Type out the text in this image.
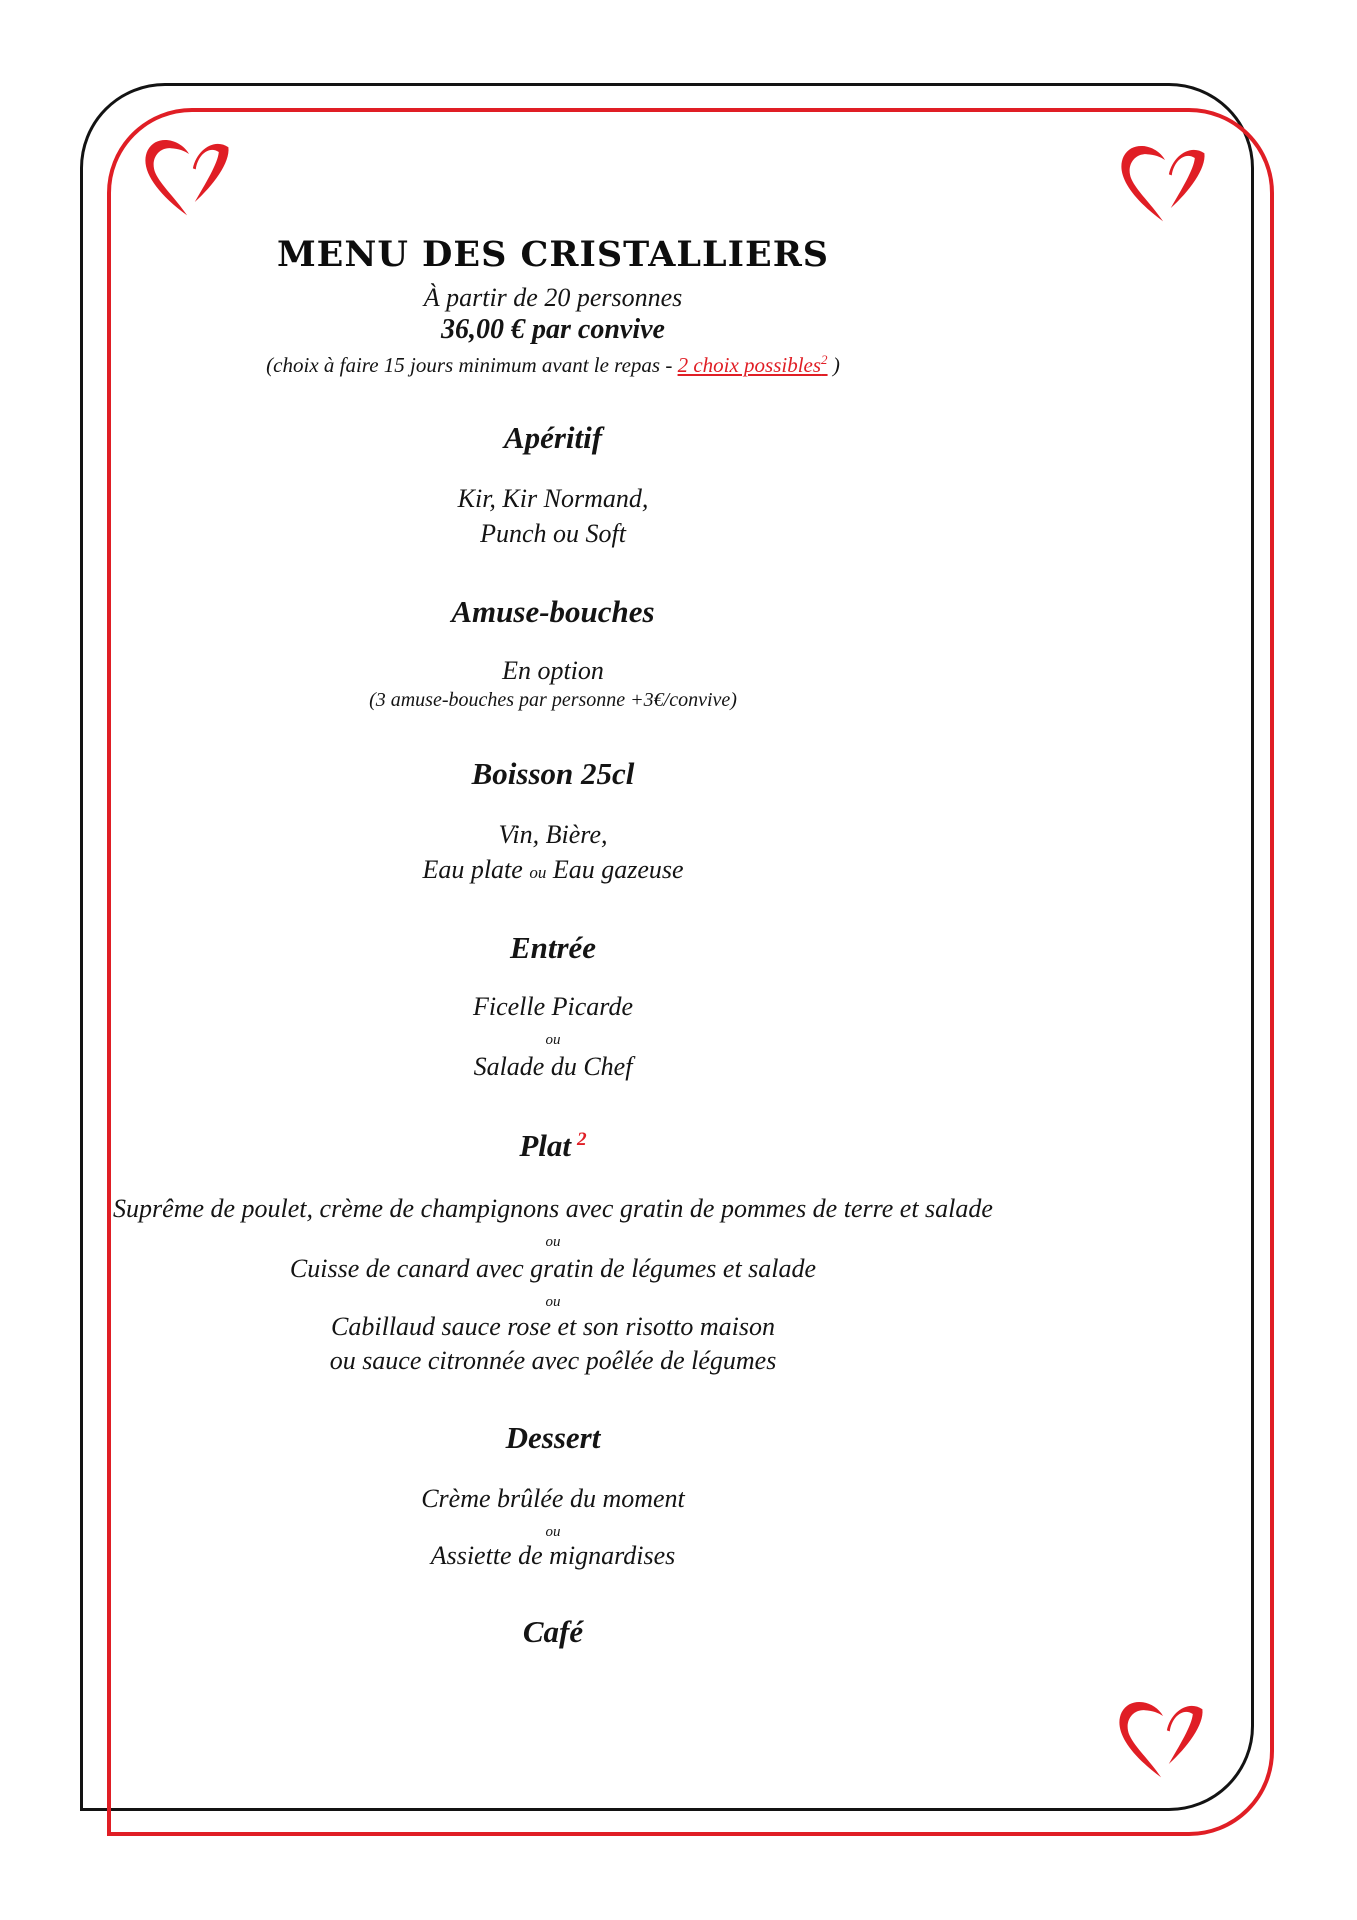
MENU DES CRISTALLIERS
À partir de 20 personnes
36,00 € par convive
(choix à faire 15 jours minimum avant le repas - 2 choix possibles$^2$ )
Apéritif
Kir, Kir Normand,
Punch ou Soft
Amuse-bouches
En option
(3 amuse-bouches par personne +3€/convive)
Boisson 25cl
Vin, Bière,
Eau plate ou Eau gazeuse
Entrée
Ficelle Picarde
ou
Salade du Chef
Plat $^2$
Suprême de poulet, crème de champignons avec gratin de pommes de terre et salade
ou
Cuisse de canard avec gratin de légumes et salade
ou
Cabillaud sauce rose et son risotto maison
ou sauce citronnée avec poêlée de légumes
Dessert
Crème brûlée du moment
ou
Assiette de mignardises
Café
